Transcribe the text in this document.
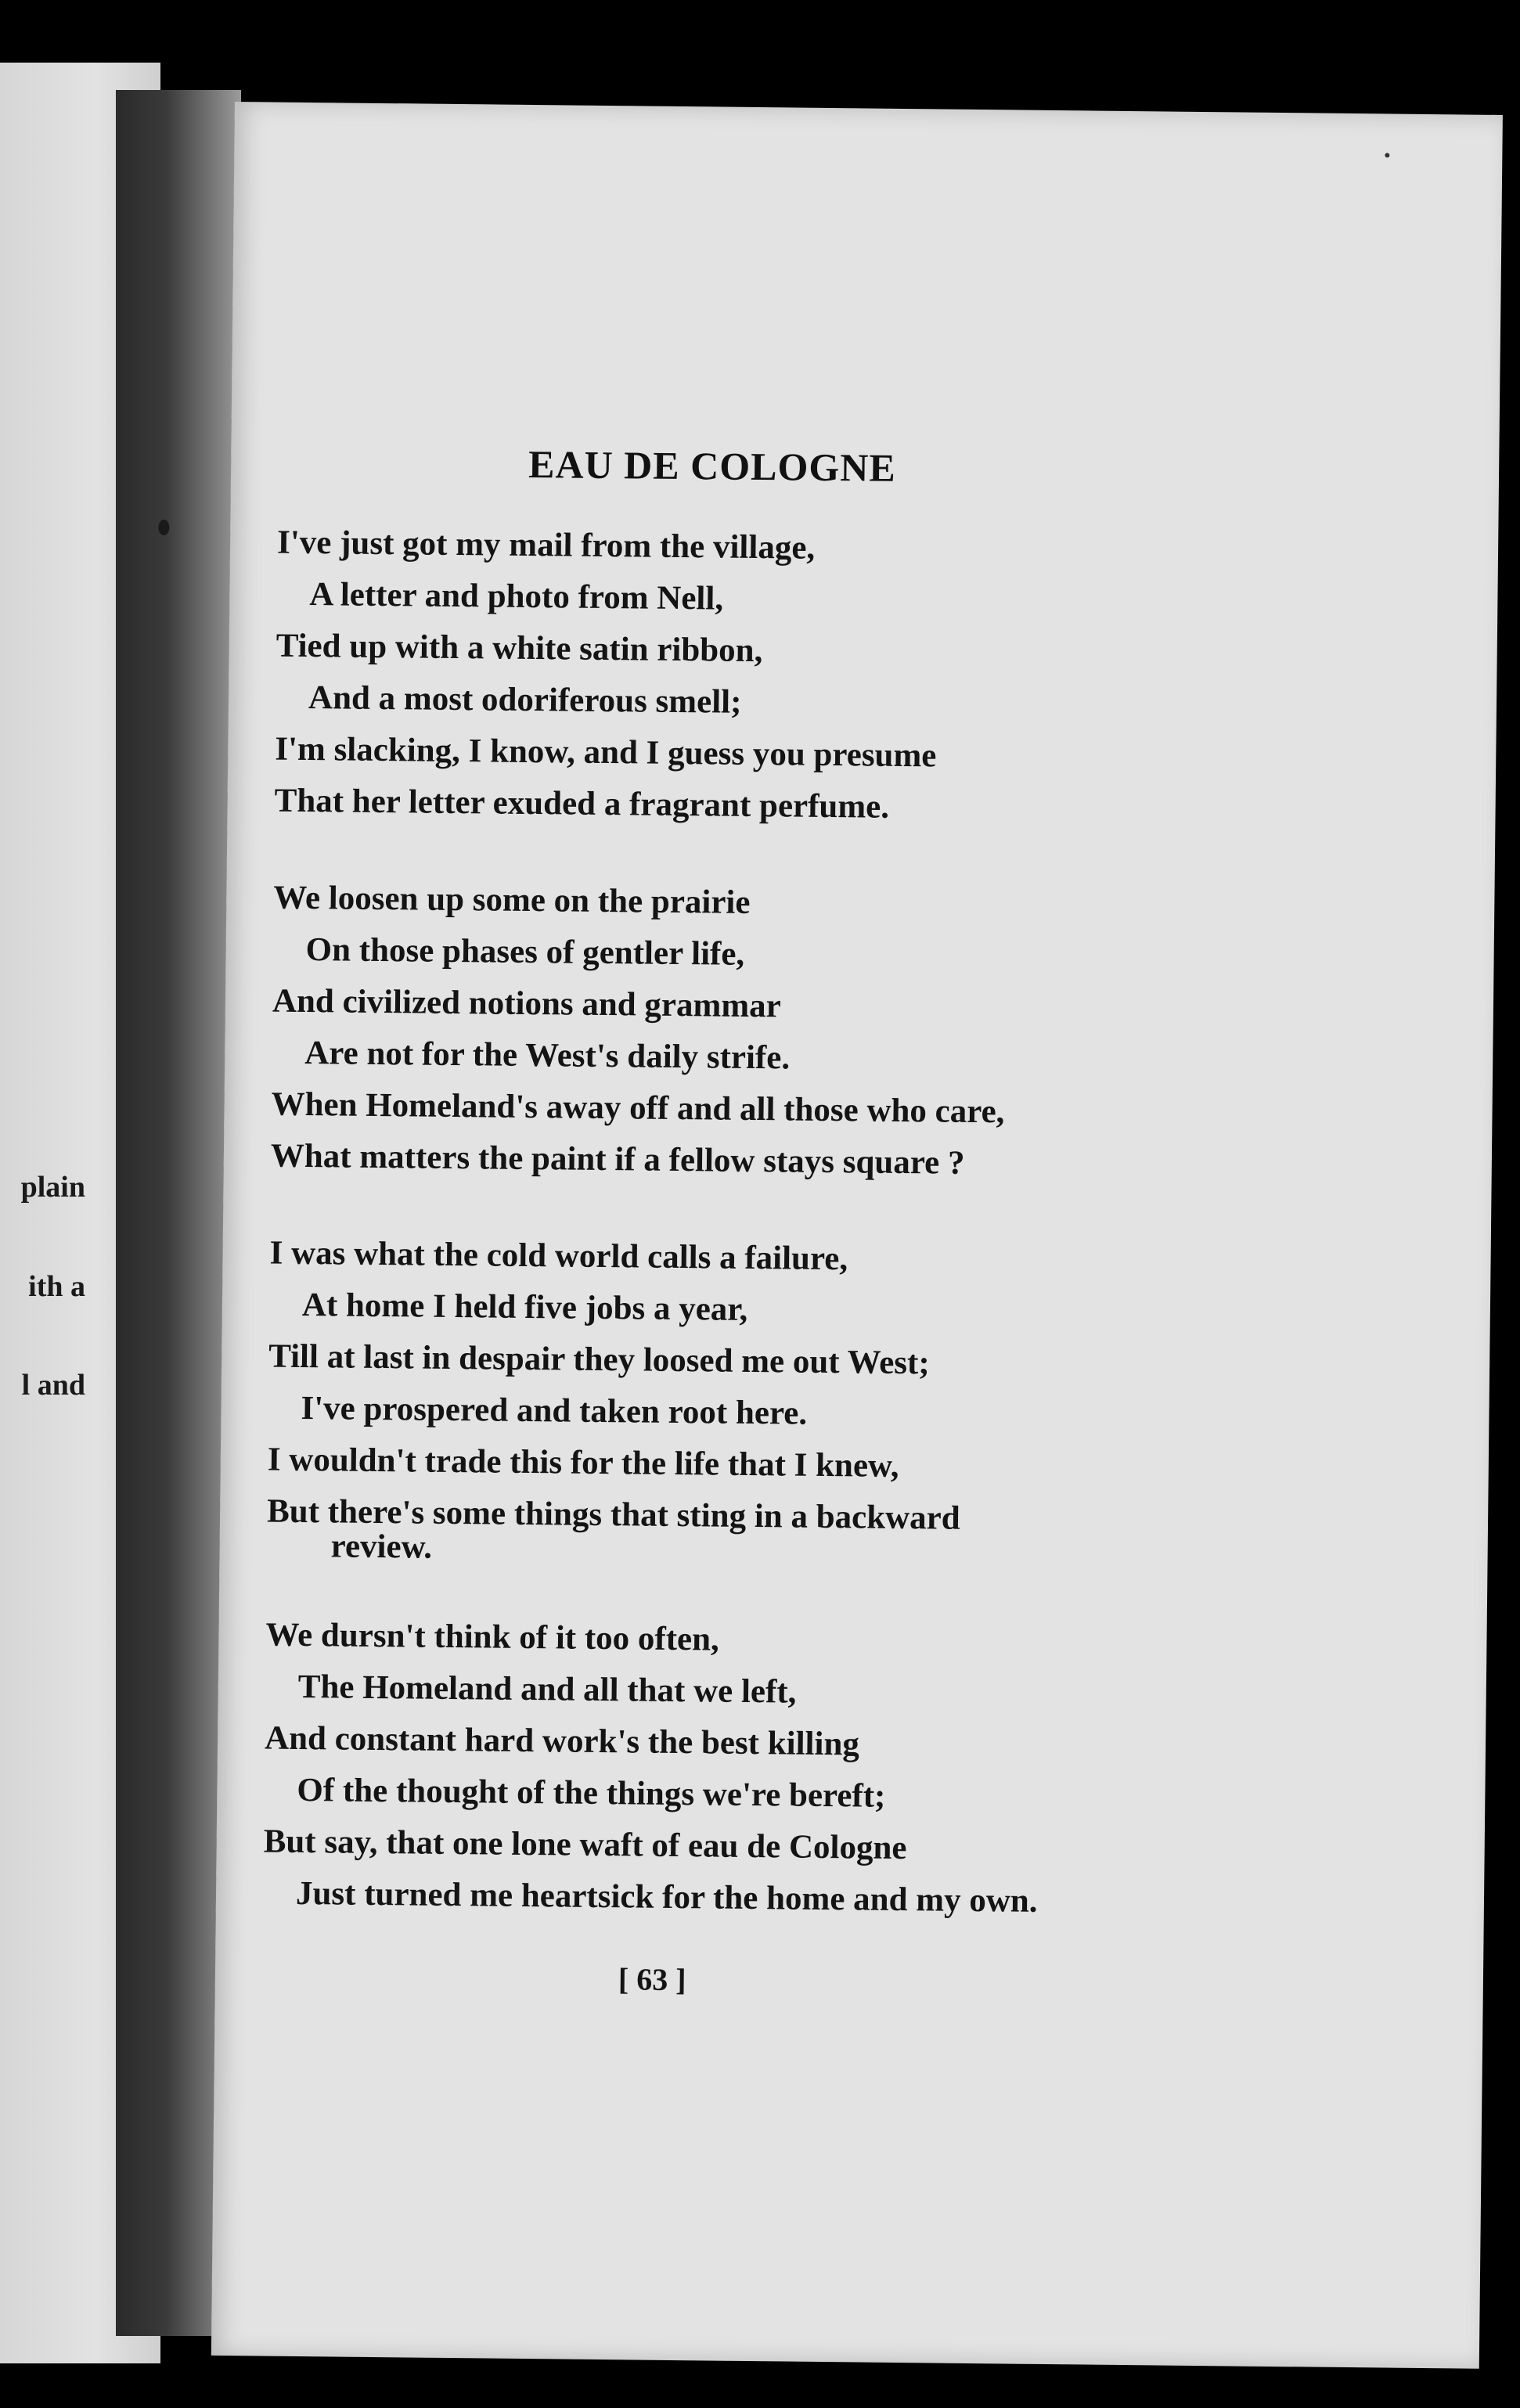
plain
ith a
l and
EAU DE COLOGNE
I've just got my mail from the village,
A letter and photo from Nell,
Tied up with a white satin ribbon,
And a most odoriferous smell;
I'm slacking, I know, and I guess you presume
That her letter exuded a fragrant perfume.
We loosen up some on the prairie
On those phases of gentler life,
And civilized notions and grammar
Are not for the West's daily strife.
When Homeland's away off and all those who care,
What matters the paint if a fellow stays square ?
I was what the cold world calls a failure,
At home I held five jobs a year,
Till at last in despair they loosed me out West;
I've prospered and taken root here.
I wouldn't trade this for the life that I knew,
But there's some things that sting in a backward
review.
We dursn't think of it too often,
The Homeland and all that we left,
And constant hard work's the best killing
Of the thought of the things we're bereft;
But say, that one lone waft of eau de Cologne
Just turned me heartsick for the home and my own.
[ 63 ]
